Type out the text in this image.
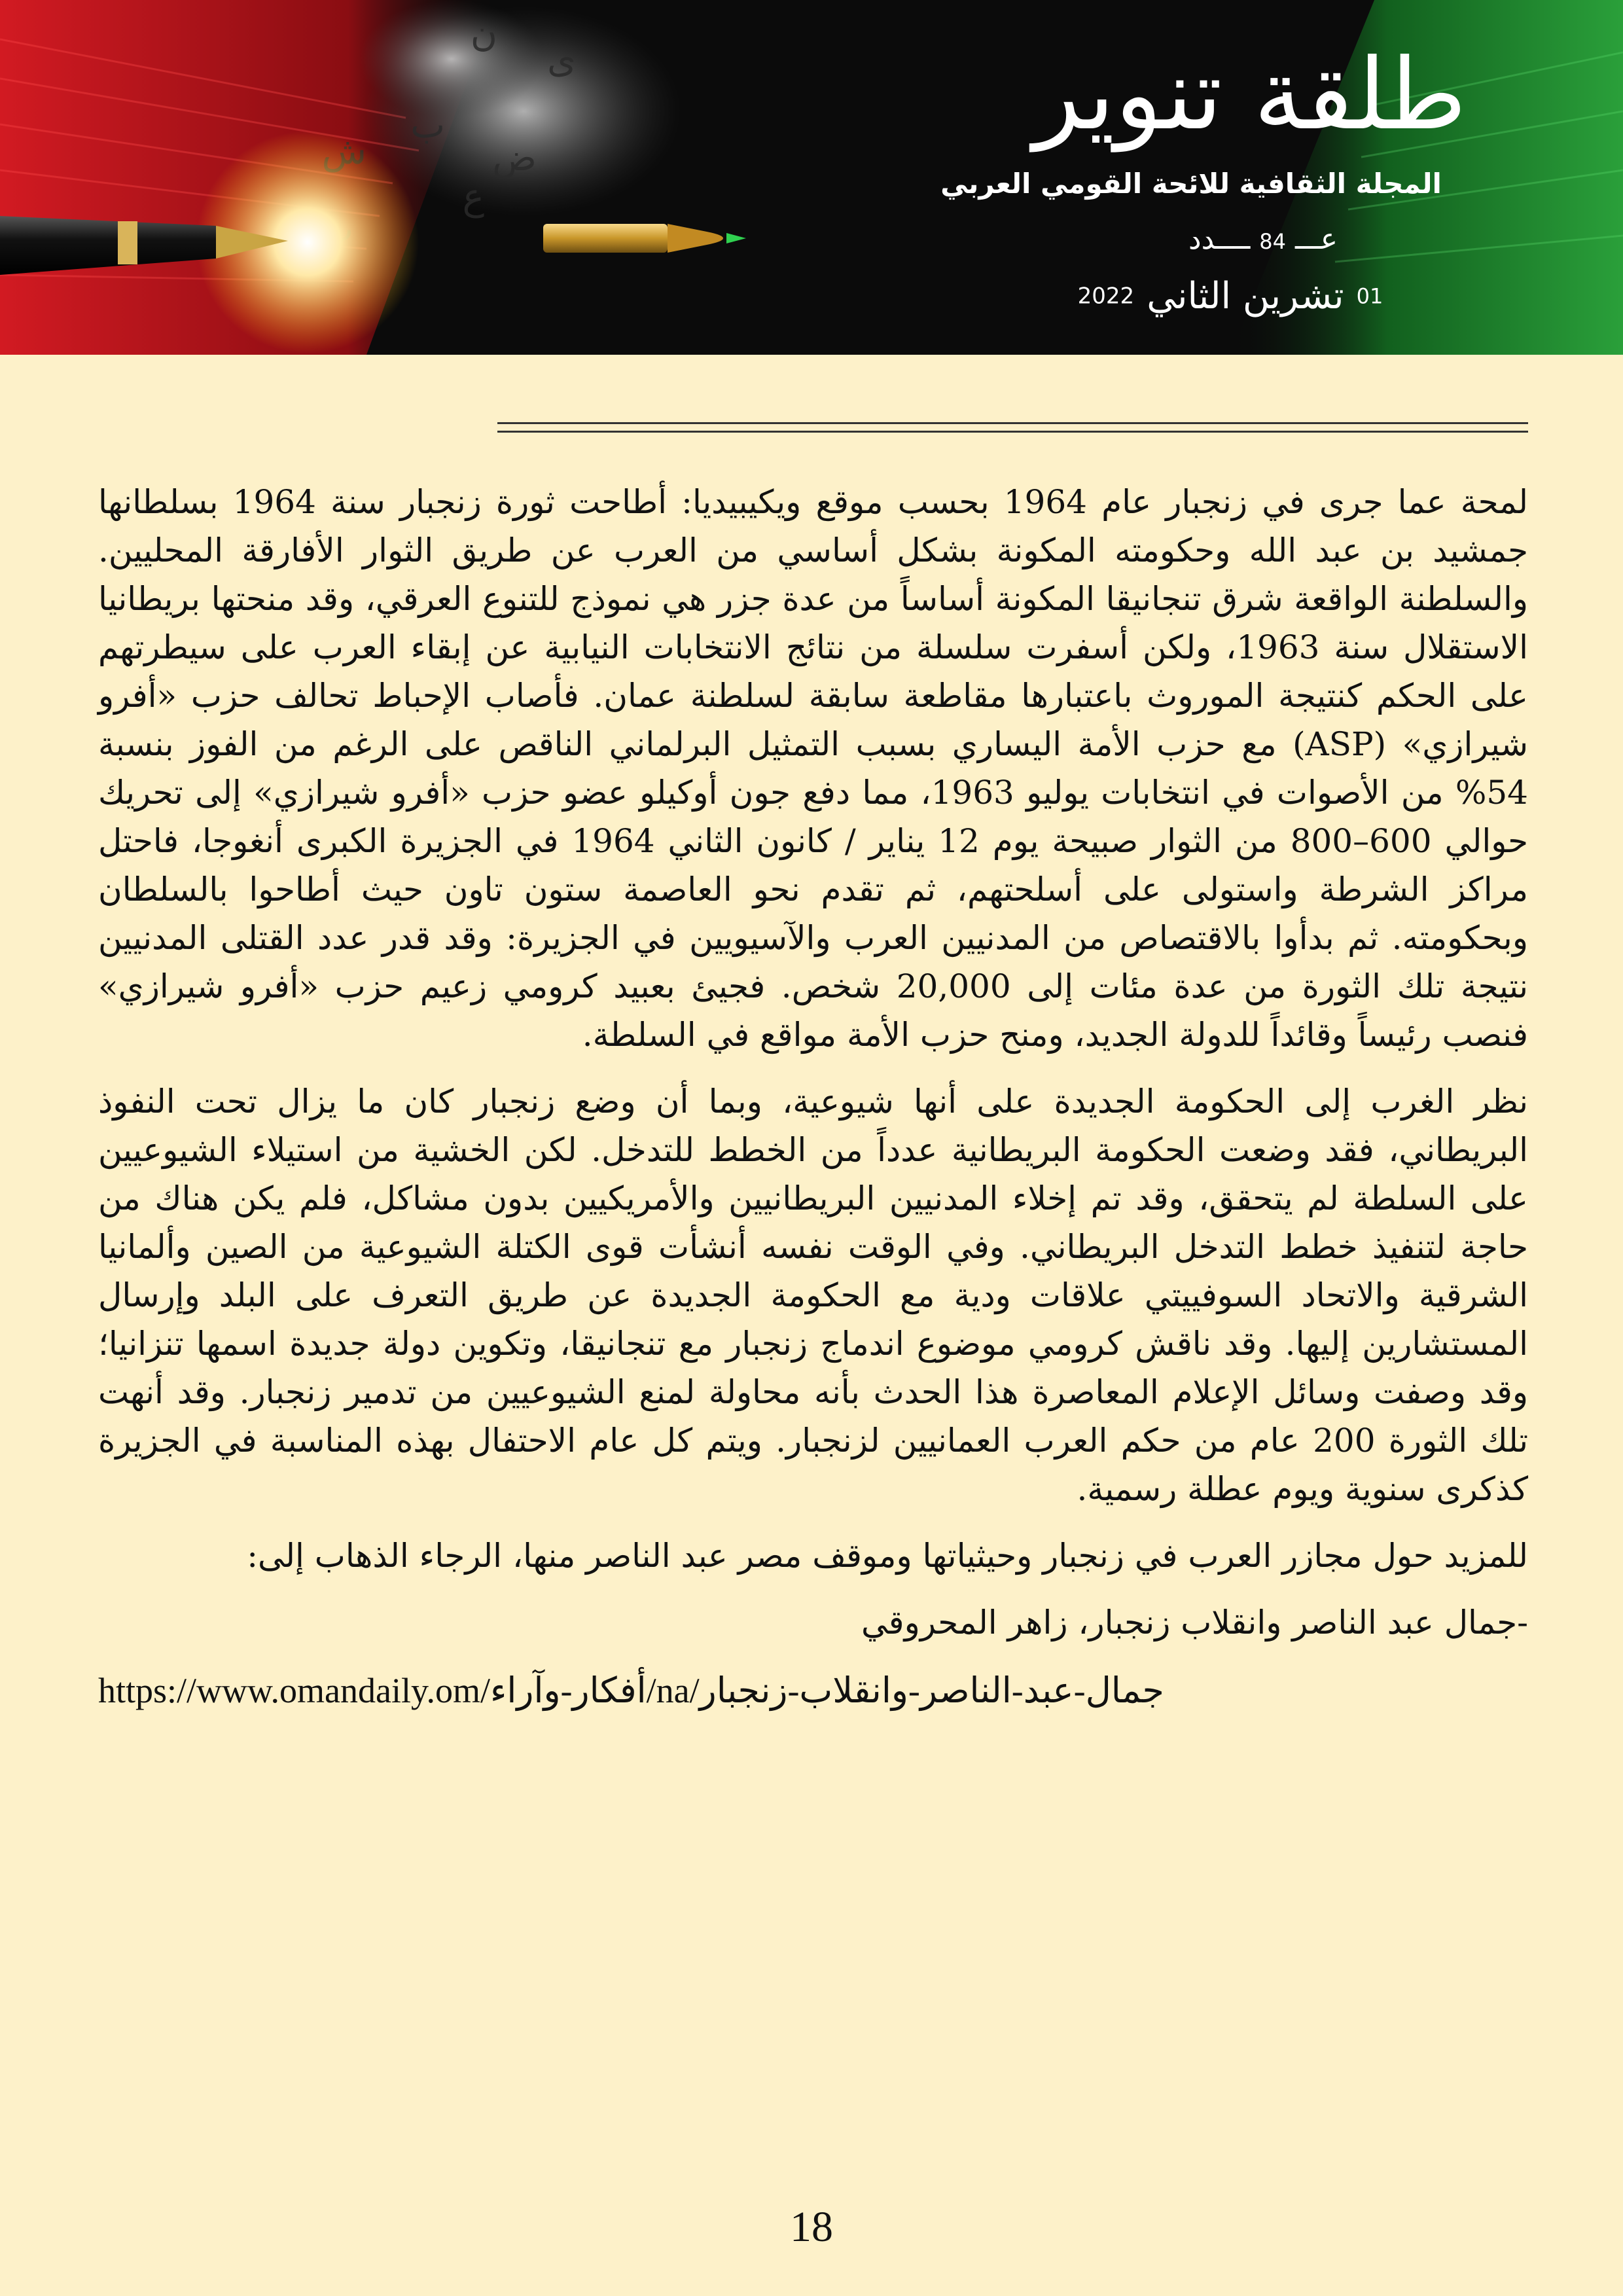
ى
ن
ب
ض
ع
طلقة تنوير
المجلة الثقافية للائحة القومي العربي
عـــ 84 ــــدد
01 تشرين الثاني 2022

لمحة عما جرى في زنجبار عام 1964 بحسب موقع ويكيبيديا: أطاحت ثورة زنجبار سنة 1964 بسلطانها جمشيد بن عبد الله وحكومته المكونة بشكل أساسي من العرب عن طريق الثوار الأفارقة المحليين. والسلطنة الواقعة شرق تنجانيقا المكونة أساساً من عدة جزر هي نموذج للتنوع العرقي، وقد منحتها بريطانيا الاستقلال سنة 1963، ولكن أسفرت سلسلة من نتائج الانتخابات النيابية عن إبقاء العرب على سيطرتهم على الحكم كنتيجة الموروث باعتبارها مقاطعة سابقة لسلطنة عمان. فأصاب الإحباط تحالف حزب «أفرو شيرازي» (ASP) مع حزب الأمة اليساري بسبب التمثيل البرلماني الناقص على الرغم من الفوز بنسبة 54% من الأصوات في انتخابات يوليو 1963، مما دفع جون أوكيلو عضو حزب «أفرو شيرازي» إلى تحريك حوالي 600–800 من الثوار صبيحة يوم 12 يناير / كانون الثاني 1964 في الجزيرة الكبرى أنغوجا، فاحتل مراكز الشرطة واستولى على أسلحتهم، ثم تقدم نحو العاصمة ستون تاون حيث أطاحوا بالسلطان وبحكومته. ثم بدأوا بالاقتصاص من المدنيين العرب والآسيويين في الجزيرة: وقد قدر عدد القتلى المدنيين نتيجة تلك الثورة من عدة مئات إلى 20,000 شخص. فجيئ بعبيد كرومي زعيم حزب «أفرو شيرازي» فنصب رئيساً وقائداً للدولة الجديد، ومنح حزب الأمة مواقع في السلطة.

نظر الغرب إلى الحكومة الجديدة على أنها شيوعية، وبما أن وضع زنجبار كان ما يزال تحت النفوذ البريطاني، فقد وضعت الحكومة البريطانية عدداً من الخطط للتدخل. لكن الخشية من استيلاء الشيوعيين على السلطة لم يتحقق، وقد تم إخلاء المدنيين البريطانيين والأمريكيين بدون مشاكل، فلم يكن هناك من حاجة لتنفيذ خطط التدخل البريطاني. وفي الوقت نفسه أنشأت قوى الكتلة الشيوعية من الصين وألمانيا الشرقية والاتحاد السوفييتي علاقات ودية مع الحكومة الجديدة عن طريق التعرف على البلد وإرسال المستشارين إليها. وقد ناقش كرومي موضوع اندماج زنجبار مع تنجانيقا، وتكوين دولة جديدة اسمها تنزانيا؛ وقد وصفت وسائل الإعلام المعاصرة هذا الحدث بأنه محاولة لمنع الشيوعيين من تدمير زنجبار. وقد أنهت تلك الثورة 200 عام من حكم العرب العمانيين لزنجبار. ويتم كل عام الاحتفال بهذه المناسبة في الجزيرة كذكرى سنوية ويوم عطلة رسمية.

للمزيد حول مجازر العرب في زنجبار وحيثياتها وموقف مصر عبد الناصر منها، الرجاء الذهاب إلى:

-جمال عبد الناصر وانقلاب زنجبار، زاهر المحروقي

https://www.omandaily.om/أفكار-وآراء/na/جمال-عبد-الناصر-وانقلاب-زنجبار

18
